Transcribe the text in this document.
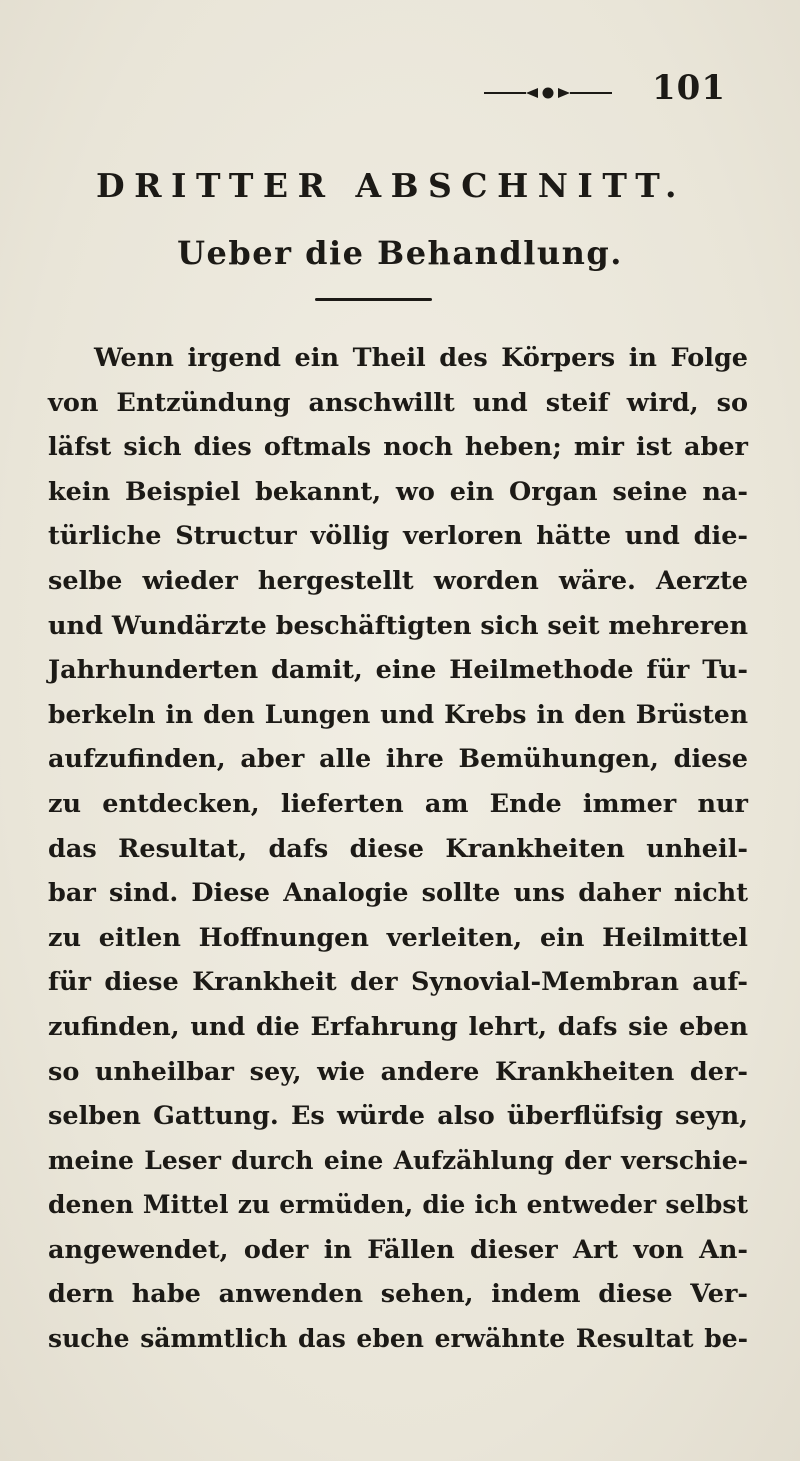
101
DRITTER ABSCHNITT.
Ueber die Behandlung.
Wenn irgend ein Theil des Körpers in Folge
von Entzündung anschwillt und steif wird, so
läfst sich dies oftmals noch heben; mir ist aber
kein Beispiel bekannt, wo ein Organ seine na-
türliche Structur völlig verloren hätte und die-
selbe wieder hergestellt worden wäre. Aerzte
und Wundärzte beschäftigten sich seit mehreren
Jahrhunderten damit, eine Heilmethode für Tu-
berkeln in den Lungen und Krebs in den Brüsten
aufzufinden, aber alle ihre Bemühungen, diese
zu entdecken, lieferten am Ende immer nur
das Resultat, dafs diese Krankheiten unheil-
bar sind. Diese Analogie sollte uns daher nicht
zu eitlen Hoffnungen verleiten, ein Heilmittel
für diese Krankheit der Synovial-Membran auf-
zufinden, und die Erfahrung lehrt, dafs sie eben
so unheilbar sey, wie andere Krankheiten der-
selben Gattung. Es würde also überflüfsig seyn,
meine Leser durch eine Aufzählung der verschie-
denen Mittel zu ermüden, die ich entweder selbst
angewendet, oder in Fällen dieser Art von An-
dern habe anwenden sehen, indem diese Ver-
suche sämmtlich das eben erwähnte Resultat be-
